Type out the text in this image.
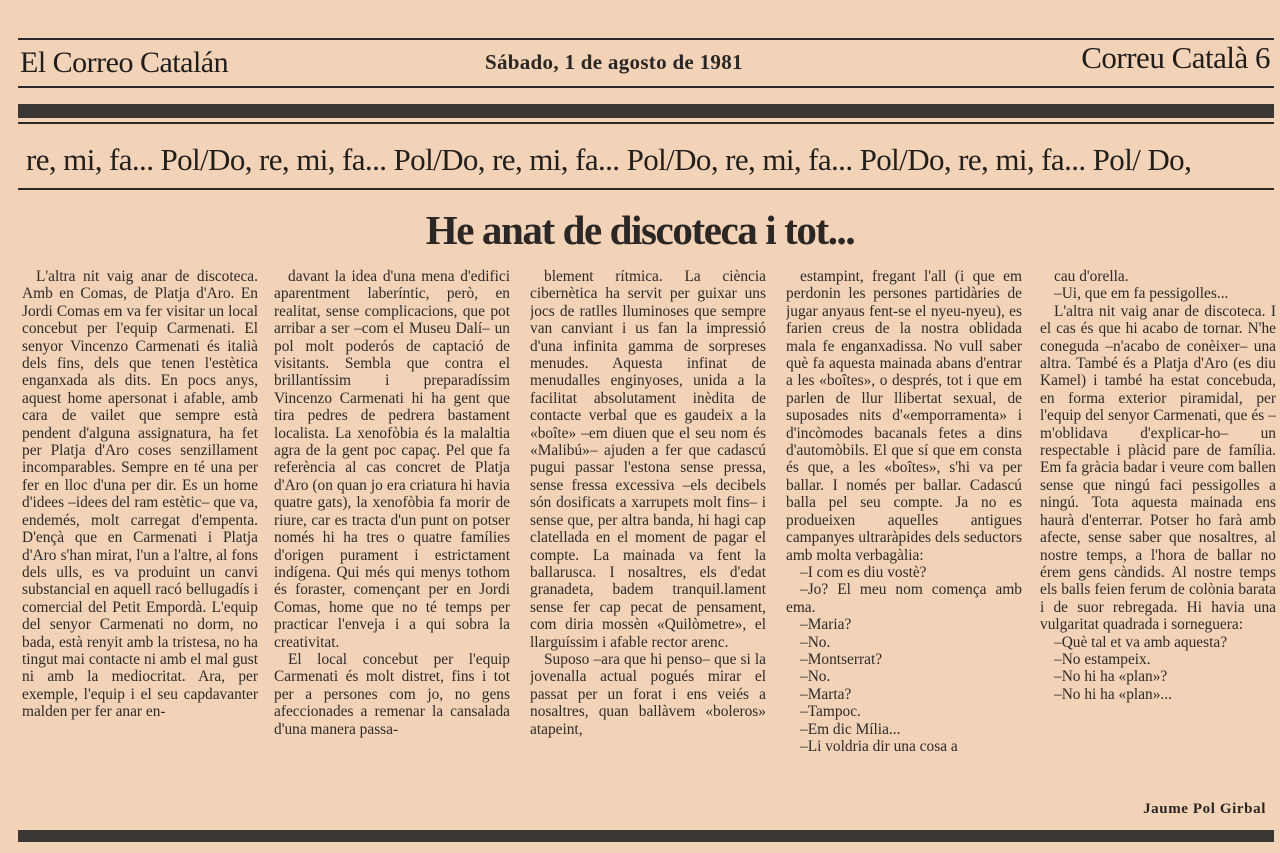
El Correo Catalán	Sábado, 1 de agosto de 1981	Correu Català 6
re, mi, fa... Pol/Do, re, mi, fa... Pol/Do, re, mi, fa... Pol/Do, re, mi, fa... Pol/Do, re, mi, fa... Pol/ Do,
He anat de discoteca i tot...

L'altra nit vaig anar de discoteca. Amb en Comas, de Platja d'Aro. En Jordi Comas em va fer visitar un local concebut per l'equip Carmenati. El senyor Vincenzo Carmenati és italià dels fins, dels que tenen l'estètica enganxada als dits. En pocs anys, aquest home apersonat i afable, amb cara de vailet que sempre està pendent d'alguna assignatura, ha fet per Platja d'Aro coses senzillament incomparables. Sempre en té una per fer en lloc d'una per dir. Es un home d'idees –idees del ram estètic– que va, endemés, molt carregat d'empenta. D'ençà que en Carmenati i Platja d'Aro s'han mirat, l'un a l'altre, al fons dels ulls, es va produint un canvi substancial en aquell racó bellugadís i comercial del Petit Empordà. L'equip del senyor Carmenati no dorm, no bada, està renyit amb la tristesa, no ha tingut mai contacte ni amb el mal gust ni amb la mediocritat. Ara, per exemple, l'equip i el seu capdavanter malden per fer anar en-

davant la idea d'una mena d'edifici aparentment laberíntic, però, en realitat, sense complicacions, que pot arribar a ser –com el Museu Dalí– un pol molt poderós de captació de visitants. Sembla que contra el brillantíssim i preparadíssim Vincenzo Carmenati hi ha gent que tira pedres de pedrera bastament localista. La xenofòbia és la malaltia agra de la gent poc capaç. Pel que fa referència al cas concret de Platja d'Aro (on quan jo era criatura hi havia quatre gats), la xenofòbia fa morir de riure, car es tracta d'un punt on potser només hi ha tres o quatre famílies d'origen purament i estrictament indígena. Qui més qui menys tothom és foraster, començant per en Jordi Comas, home que no té temps per practicar l'enveja i a qui sobra la creativitat.

El local concebut per l'equip Carmenati és molt distret, fins i tot per a persones com jo, no gens afeccionades a remenar la cansalada d'una manera passa-

blement rítmica. La ciència cibernètica ha servit per guixar uns jocs de ratlles lluminoses que sempre van canviant i us fan la impressió d'una infinita gamma de sorpreses menudes. Aquesta infinat de menudalles enginyoses, unida a la facilitat absolutament inèdita de contacte verbal que es gaudeix a la «boîte» –em diuen que el seu nom és «Malibú»– ajuden a fer que cadascú pugui passar l'estona sense pressa, sense fressa excessiva –els decibels són dosificats a xarrupets molt fins– i sense que, per altra banda, hi hagi cap clatellada en el moment de pagar el compte. La mainada va fent la ballarusca. I nosaltres, els d'edat granadeta, badem tranquil.lament sense fer cap pecat de pensament, com diria mossèn «Quilòmetre», el llarguíssim i afable rector arenc.

Suposo –ara que hi penso– que si la jovenalla actual pogués mirar el passat per un forat i ens veiés a nosaltres, quan ballàvem «boleros» atapeint,

estampint, fregant l'all (i que em perdonin les persones partidàries de jugar anyaus fent-se el nyeu-nyeu), es farien creus de la nostra oblidada mala fe enganxadissa. No vull saber què fa aquesta mainada abans d'entrar a les «boîtes», o després, tot i que em parlen de llur llibertat sexual, de suposades nits d'«emporramenta» i d'incòmodes bacanals fetes a dins d'automòbils. El que sí que em consta és que, a les «boîtes», s'hi va per ballar. I només per ballar. Cadascú balla pel seu compte. Ja no es produeixen aquelles antigues campanyes ultraràpides dels seductors amb molta verbagàlia:

–I com es diu vostè?

–Jo? El meu nom comença amb ema.

–Maria?

–No.

–Montserrat?

–No.

–Marta?

–Tampoc.

–Em dic Mília...

–Li voldria dir una cosa a

cau d'orella.

–Ui, que em fa pessigolles...

L'altra nit vaig anar de discoteca. I el cas és que hi acabo de tornar. N'he coneguda –n'acabo de conèixer– una altra. També és a Platja d'Aro (es diu Kamel) i també ha estat concebuda, en forma exterior piramidal, per l'equip del senyor Carmenati, que és –m'oblidava d'explicar-ho– un respectable i plàcid pare de família. Em fa gràcia badar i veure com ballen sense que ningú faci pessigolles a ningú. Tota aquesta mainada ens haurà d'enterrar. Potser ho farà amb afecte, sense saber que nosaltres, al nostre temps, a l'hora de ballar no érem gens càndids. Al nostre temps els balls feien ferum de colònia barata i de suor rebregada. Hi havia una vulgaritat quadrada i sorneguera:

–Què tal et va amb aquesta?

–No estampeix.

–No hi ha «plan»?

–No hi ha «plan»...

Jaume Pol Girbal
